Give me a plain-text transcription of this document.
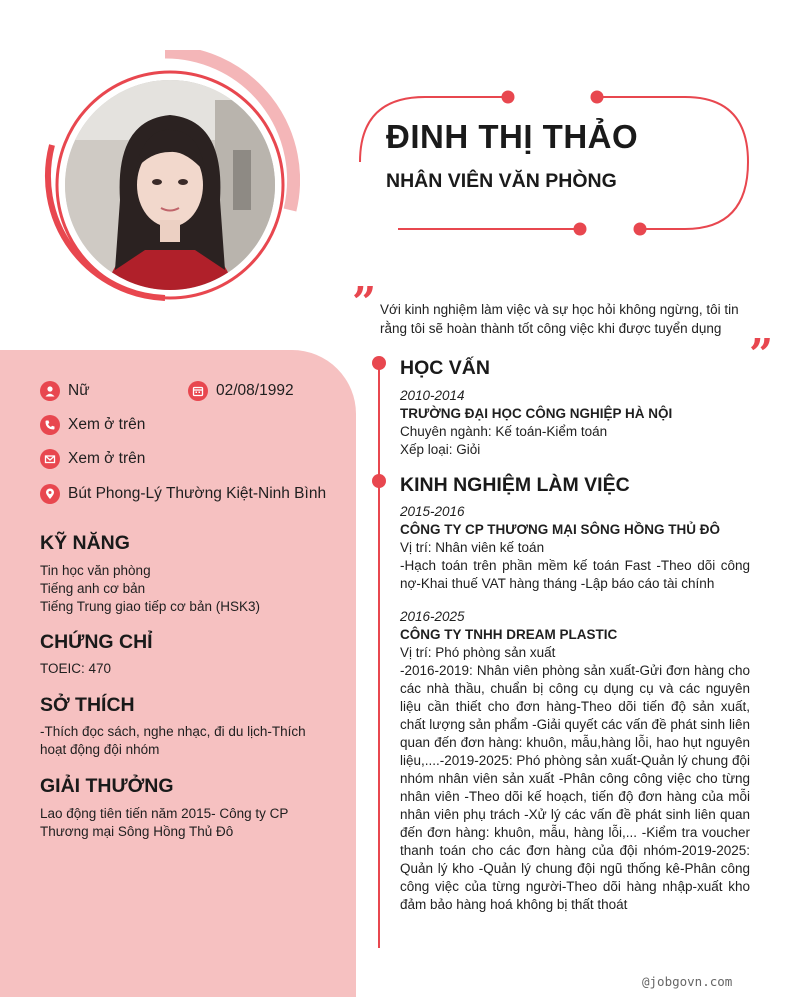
ĐINH THỊ THẢO
NHÂN VIÊN VĂN PHÒNG
” Với kinh nghiệm làm việc và sự học hỏi không ngừng, tôi tin rằng tôi sẽ hoàn thành tốt công việc khi được tuyển dụng
”
Nữ	02/08/1992
Xem ở trên
Xem ở trên
Bút Phong-Lý Thường Kiệt-Ninh Bình
KỸ NĂNG
Tin học văn phòng
Tiếng anh cơ bản
Tiếng Trung giao tiếp cơ bản (HSK3)
CHỨNG CHỈ
TOEIC: 470
SỞ THÍCH
-Thích đọc sách, nghe nhạc, đi du lịch-Thích hoạt động đội nhóm
GIẢI THƯỞNG
Lao động tiên tiến năm 2015- Công ty CP Thương mại Sông Hồng Thủ Đô
HỌC VẤN
2010-2014
TRƯỜNG ĐẠI HỌC CÔNG NGHIỆP HÀ NỘI
Chuyên ngành: Kế toán-Kiểm toán
Xếp loại: Giỏi
KINH NGHIỆM LÀM VIỆC
2015-2016
CÔNG TY CP THƯƠNG MẠI SÔNG HỒNG THỦ ĐÔ
Vị trí: Nhân viên kế toán
-Hạch toán trên phần mềm kế toán Fast -Theo dõi công nợ-Khai thuế VAT hàng tháng -Lập báo cáo tài chính
2016-2025
CÔNG TY TNHH DREAM PLASTIC
Vị trí: Phó phòng sản xuất
-2016-2019: Nhân viên phòng sản xuất-Gửi đơn hàng cho các nhà thầu, chuẩn bị công cụ dụng cụ và các nguyên liệu cần thiết cho đơn hàng-Theo dõi tiến độ sản xuất, chất lượng sản phẩm -Giải quyết các vấn đề phát sinh liên quan đến đơn hàng: khuôn, mẫu,hàng lỗi, hao hụt nguyên liệu,....-2019-2025: Phó phòng sản xuất-Quản lý chung đội nhóm nhân viên sản xuất -Phân công công việc cho từng nhân viên -Theo dõi kế hoạch, tiến độ đơn hàng của mỗi nhân viên phụ trách -Xử lý các vấn đề phát sinh liên quan đến đơn hàng: khuôn, mẫu, hàng lỗi,... -Kiểm tra voucher thanh toán cho các đơn hàng của đội nhóm-2019-2025: Quản lý kho -Quản lý chung đội ngũ thống kê-Phân công công việc của từng người-Theo dõi hàng nhập-xuất kho đảm bảo hàng hoá không bị thất thoát
@jobgovn.com
